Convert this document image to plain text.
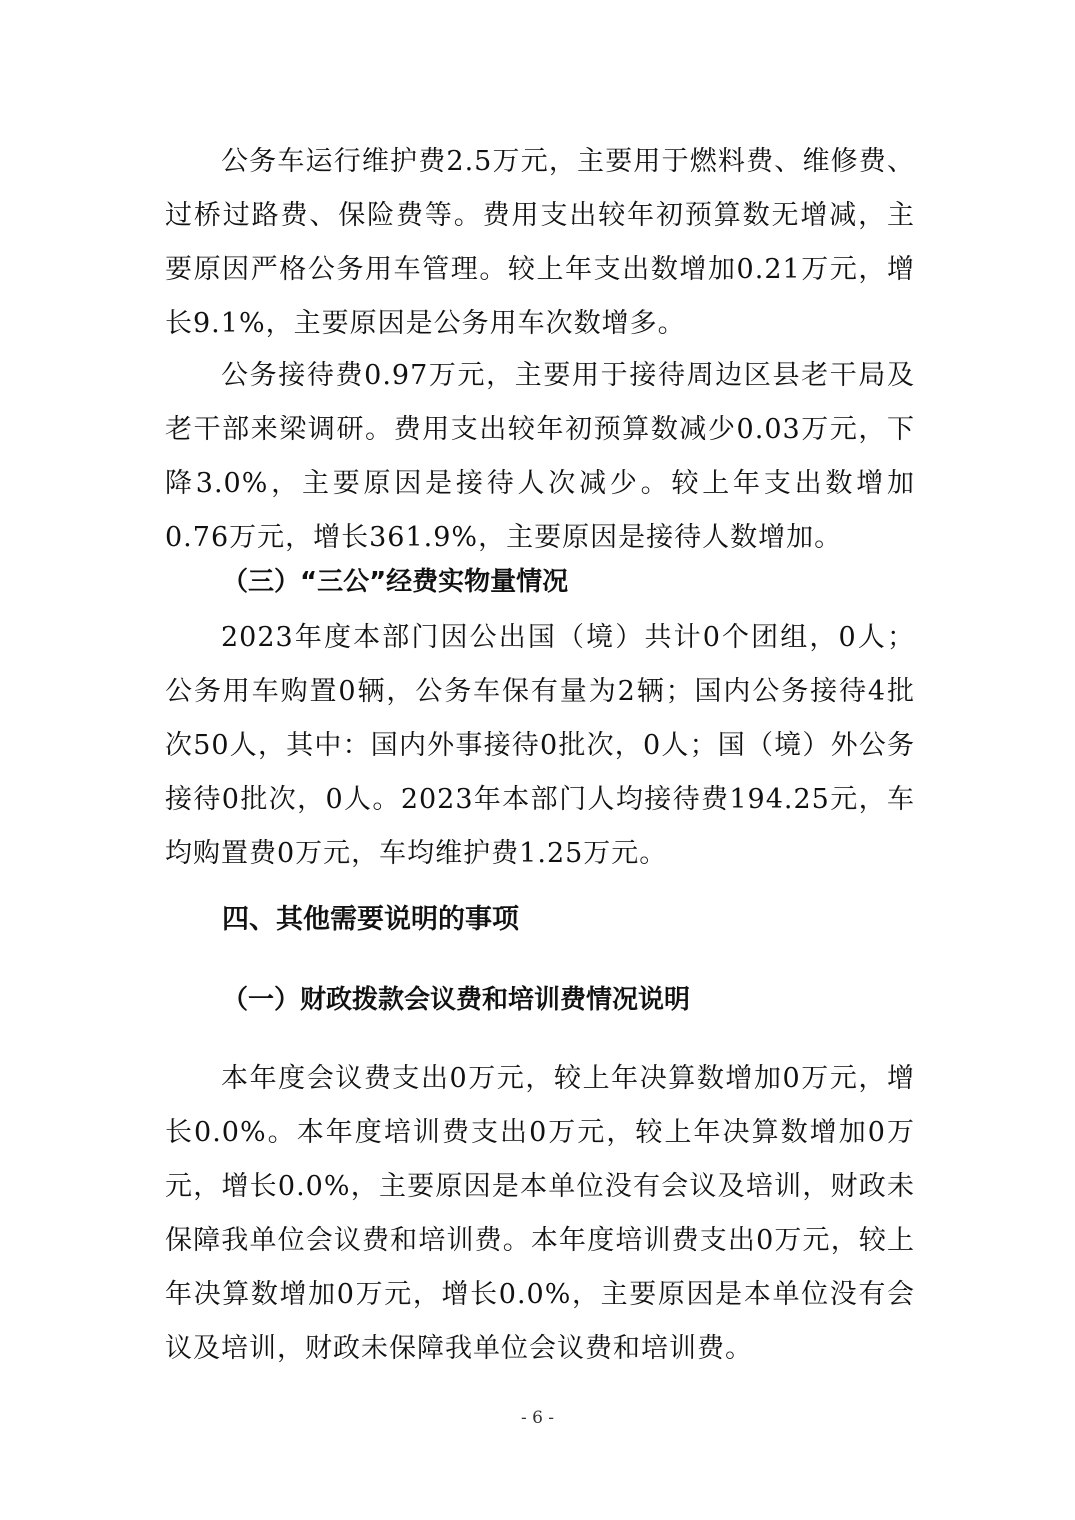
公务车运行维护费2.5万元，主要用于燃料费、维修费、过桥过路费、保险费等。费用支出较年初预算数无增减，主要原因严格公务用车管理。较上年支出数增加0.21万元，增长9.1%，主要原因是公务用车次数增多。

公务接待费0.97万元，主要用于接待周边区县老干局及老干部来梁调研。费用支出较年初预算数减少0.03万元，下降3.0%，主要原因是接待人次减少。较上年支出数增加0.76万元，增长361.9%，主要原因是接待人数增加。

（三）“三公”经费实物量情况

2023年度本部门因公出国（境）共计0个团组，0人；公务用车购置0辆，公务车保有量为2辆；国内公务接待4批次50人，其中：国内外事接待0批次，0人；国（境）外公务接待0批次，0人。2023年本部门人均接待费194.25元，车均购置费0万元，车均维护费1.25万元。

四、其他需要说明的事项
（一）财政拨款会议费和培训费情况说明

本年度会议费支出0万元，较上年决算数增加0万元，增长0.0%。本年度培训费支出0万元，较上年决算数增加0万元，增长0.0%，主要原因是本单位没有会议及培训，财政未保障我单位会议费和培训费。本年度培训费支出0万元，较上年决算数增加0万元，增长0.0%，主要原因是本单位没有会议及培训，财政未保障我单位会议费和培训费。

- 6 -
